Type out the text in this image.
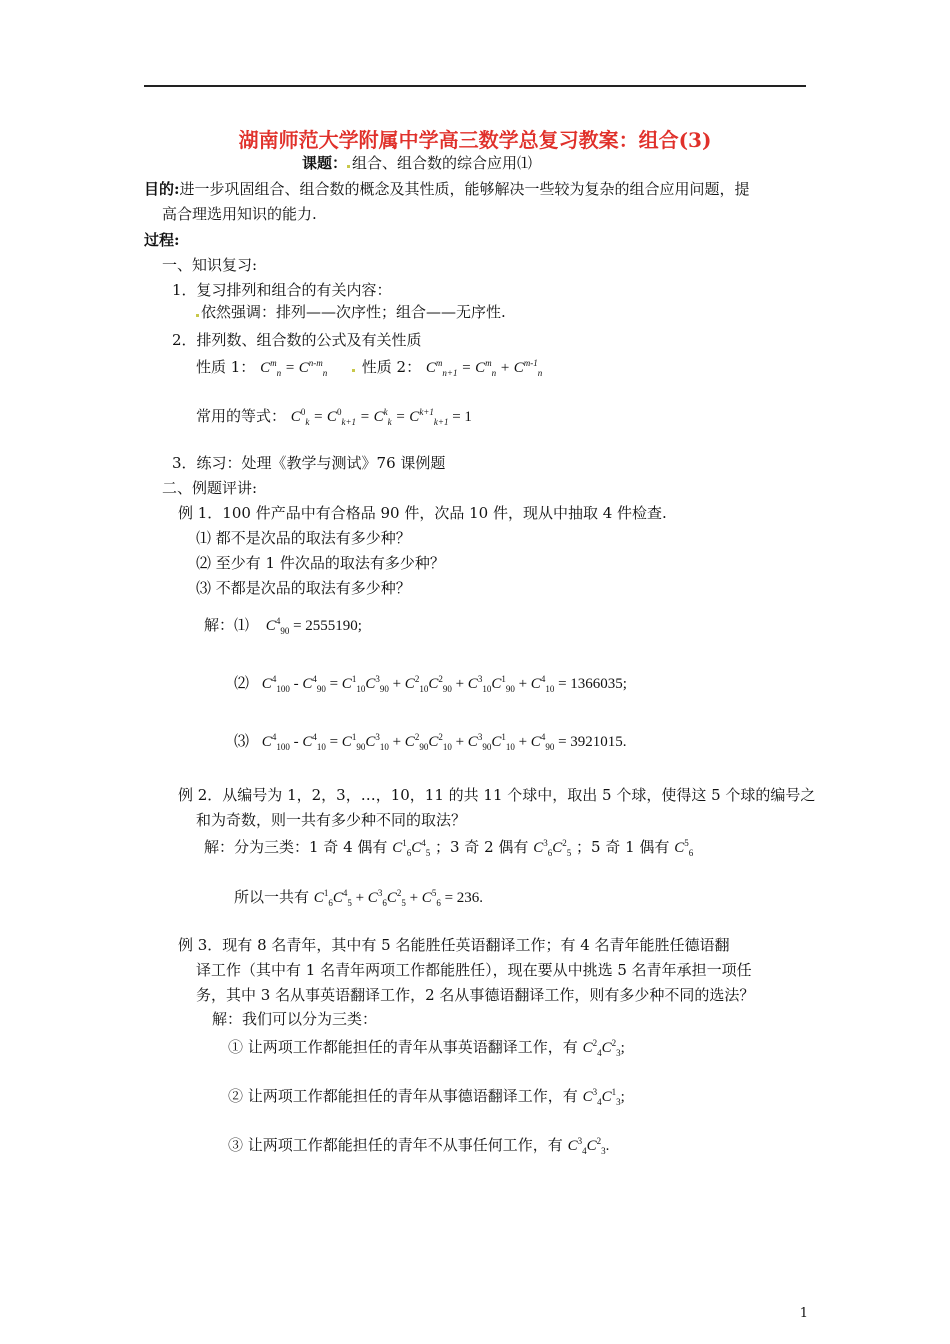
湖南师范大学附属中学高三数学总复习教案：组合(3)
课题： 组合、组合数的综合应用⑴
目的:进一步巩固组合、组合数的概念及其性质，能够解决一些较为复杂的组合应用问题，提
高合理选用知识的能力.
过程:
一、知识复习:
1．复习排列和组合的有关内容：
依然强调：排列——次序性；组合——无序性.
2．排列数、组合数的公式及有关性质
性质 1： $C^m_n = C^{n-m}_n$	性质 2： $C^m_{n+1} = C^m_n + C^{m-1}_n$
常用的等式： $C^0_k = C^0_{k+1} = C^k_k = C^{k+1}_{k+1} = 1$
3．练习：处理《教学与测试》76 课例题
二、例题评讲:
例 1．100 件产品中有合格品 90 件，次品 10 件，现从中抽取 4 件检查.
⑴ 都不是次品的取法有多少种？
⑵ 至少有 1 件次品的取法有多少种？
⑶ 不都是次品的取法有多少种？
解：⑴ $C^4_{90} = 2555190$;
⑵ $C^4_{100} - C^4_{90} = C^1_{10}C^3_{90} + C^2_{10}C^2_{90} + C^3_{10}C^1_{90} + C^4_{10} = 1366035$;
⑶ $C^4_{100} - C^4_{10} = C^1_{90}C^3_{10} + C^2_{90}C^2_{10} + C^3_{90}C^1_{10} + C^4_{90} = 3921015$.
例 2．从编号为 1，2，3，…，10，11 的共 11 个球中，取出 5 个球，使得这 5 个球的编号之
和为奇数，则一共有多少种不同的取法？
解：分为三类：1 奇 4 偶有 $C^1_6C^4_5$ ；3 奇 2 偶有 $C^3_6C^2_5$ ；5 奇 1 偶有 $C^5_6$
所以一共有 $C^1_6C^4_5 + C^3_6C^2_5 + C^5_6 = 236$.
例 3．现有 8 名青年，其中有 5 名能胜任英语翻译工作；有 4 名青年能胜任德语翻
译工作（其中有 1 名青年两项工作都能胜任），现在要从中挑选 5 名青年承担一项任
务，其中 3 名从事英语翻译工作，2 名从事德语翻译工作，则有多少种不同的选法？
解：我们可以分为三类：
① 让两项工作都能担任的青年从事英语翻译工作，有 $C^2_4C^2_3$;
② 让两项工作都能担任的青年从事德语翻译工作，有 $C^3_4C^1_3$;
③ 让两项工作都能担任的青年不从事任何工作，有 $C^3_4C^2_3$.
1
